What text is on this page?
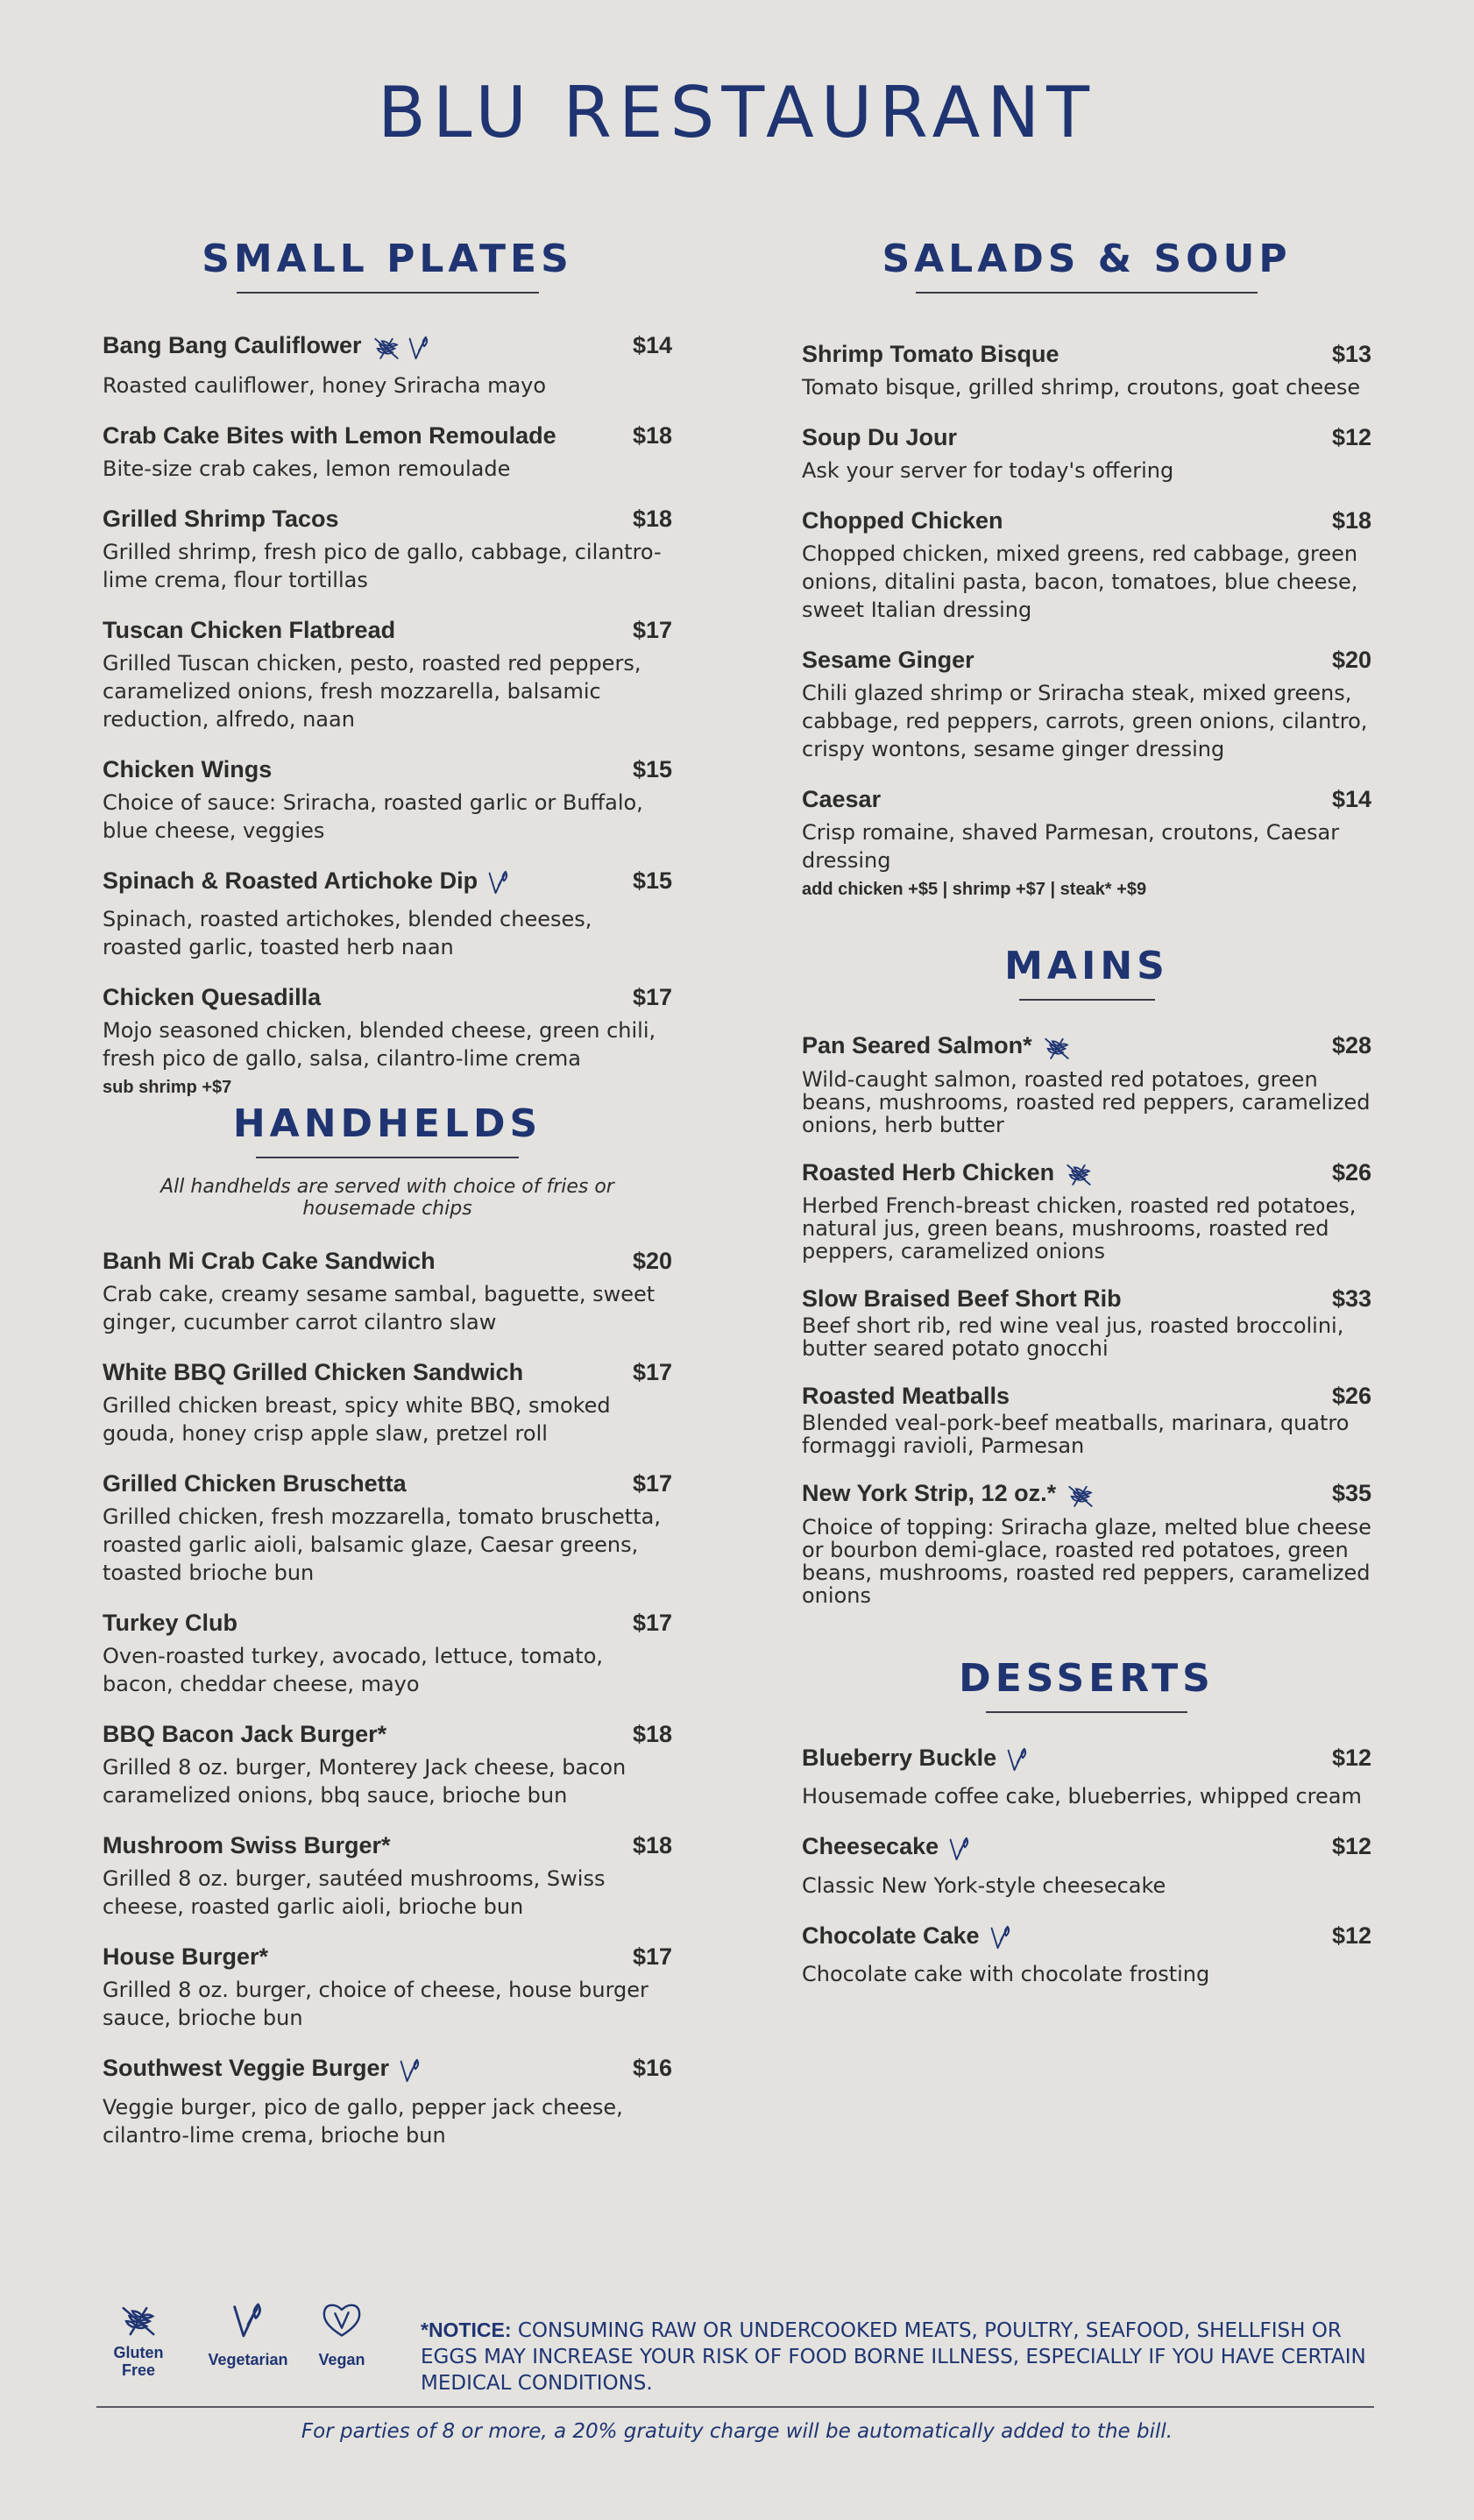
BLU RESTAURANT
SMALL PLATES
Bang Bang Cauliflower	$14
Roasted cauliflower, honey Sriracha mayo
Crab Cake Bites with Lemon Remoulade	$18
Bite-size crab cakes, lemon remoulade
Grilled Shrimp Tacos	$18
Grilled shrimp, fresh pico de gallo, cabbage, cilantro-lime crema, flour tortillas
Tuscan Chicken Flatbread	$17
Grilled Tuscan chicken, pesto, roasted red peppers, caramelized onions, fresh mozzarella, balsamic reduction, alfredo, naan
Chicken Wings	$15
Choice of sauce: Sriracha, roasted garlic or Buffalo, blue cheese, veggies
Spinach & Roasted Artichoke Dip	$15
Spinach, roasted artichokes, blended cheeses, roasted garlic, toasted herb naan
Chicken Quesadilla	$17
Mojo seasoned chicken, blended cheese, green chili, fresh pico de gallo, salsa, cilantro-lime crema
sub shrimp +$7
HANDHELDS
All handhelds are served with choice of fries or housemade chips
Banh Mi Crab Cake Sandwich	$20
Crab cake, creamy sesame sambal, baguette, sweet ginger, cucumber carrot cilantro slaw
White BBQ Grilled Chicken Sandwich	$17
Grilled chicken breast, spicy white BBQ, smoked gouda, honey crisp apple slaw, pretzel roll
Grilled Chicken Bruschetta	$17
Grilled chicken, fresh mozzarella, tomato bruschetta, roasted garlic aioli, balsamic glaze, Caesar greens, toasted brioche bun
Turkey Club	$17
Oven-roasted turkey, avocado, lettuce, tomato, bacon, cheddar cheese, mayo
BBQ Bacon Jack Burger*	$18
Grilled 8 oz. burger, Monterey Jack cheese, bacon caramelized onions, bbq sauce, brioche bun
Mushroom Swiss Burger*	$18
Grilled 8 oz. burger, sautéed mushrooms, Swiss cheese, roasted garlic aioli, brioche bun
House Burger*	$17
Grilled 8 oz. burger, choice of cheese, house burger sauce, brioche bun
Southwest Veggie Burger	$16
Veggie burger, pico de gallo, pepper jack cheese, cilantro-lime crema, brioche bun
SALADS & SOUP
Shrimp Tomato Bisque	$13
Tomato bisque, grilled shrimp, croutons, goat cheese
Soup Du Jour	$12
Ask your server for today's offering
Chopped Chicken	$18
Chopped chicken, mixed greens, red cabbage, green onions, ditalini pasta, bacon, tomatoes, blue cheese, sweet Italian dressing
Sesame Ginger	$20
Chili glazed shrimp or Sriracha steak, mixed greens, cabbage, red peppers, carrots, green onions, cilantro, crispy wontons, sesame ginger dressing
Caesar	$14
Crisp romaine, shaved Parmesan, croutons, Caesar dressing
add chicken +$5 | shrimp +$7 | steak* +$9
MAINS
Pan Seared Salmon*	$28
Wild-caught salmon, roasted red potatoes, green beans, mushrooms, roasted red peppers, caramelized onions, herb butter
Roasted Herb Chicken	$26
Herbed French-breast chicken, roasted red potatoes, natural jus, green beans, mushrooms, roasted red peppers, caramelized onions
Slow Braised Beef Short Rib	$33
Beef short rib, red wine veal jus, roasted broccolini, butter seared potato gnocchi
Roasted Meatballs	$26
Blended veal-pork-beef meatballs, marinara, quatro formaggi ravioli, Parmesan
New York Strip, 12 oz.*	$35
Choice of topping: Sriracha glaze, melted blue cheese or bourbon demi-glace, roasted red potatoes, green beans, mushrooms, roasted red peppers, caramelized onions
DESSERTS
Blueberry Buckle	$12
Housemade coffee cake, blueberries, whipped cream
Cheesecake	$12
Classic New York-style cheesecake
Chocolate Cake	$12
Chocolate cake with chocolate frosting
Gluten Free
Vegetarian	Vegan
*NOTICE: CONSUMING RAW OR UNDERCOOKED MEATS, POULTRY, SEAFOOD, SHELLFISH OR EGGS MAY INCREASE YOUR RISK OF FOOD BORNE ILLNESS, ESPECIALLY IF YOU HAVE CERTAIN MEDICAL CONDITIONS.
For parties of 8 or more, a 20% gratuity charge will be automatically added to the bill.
